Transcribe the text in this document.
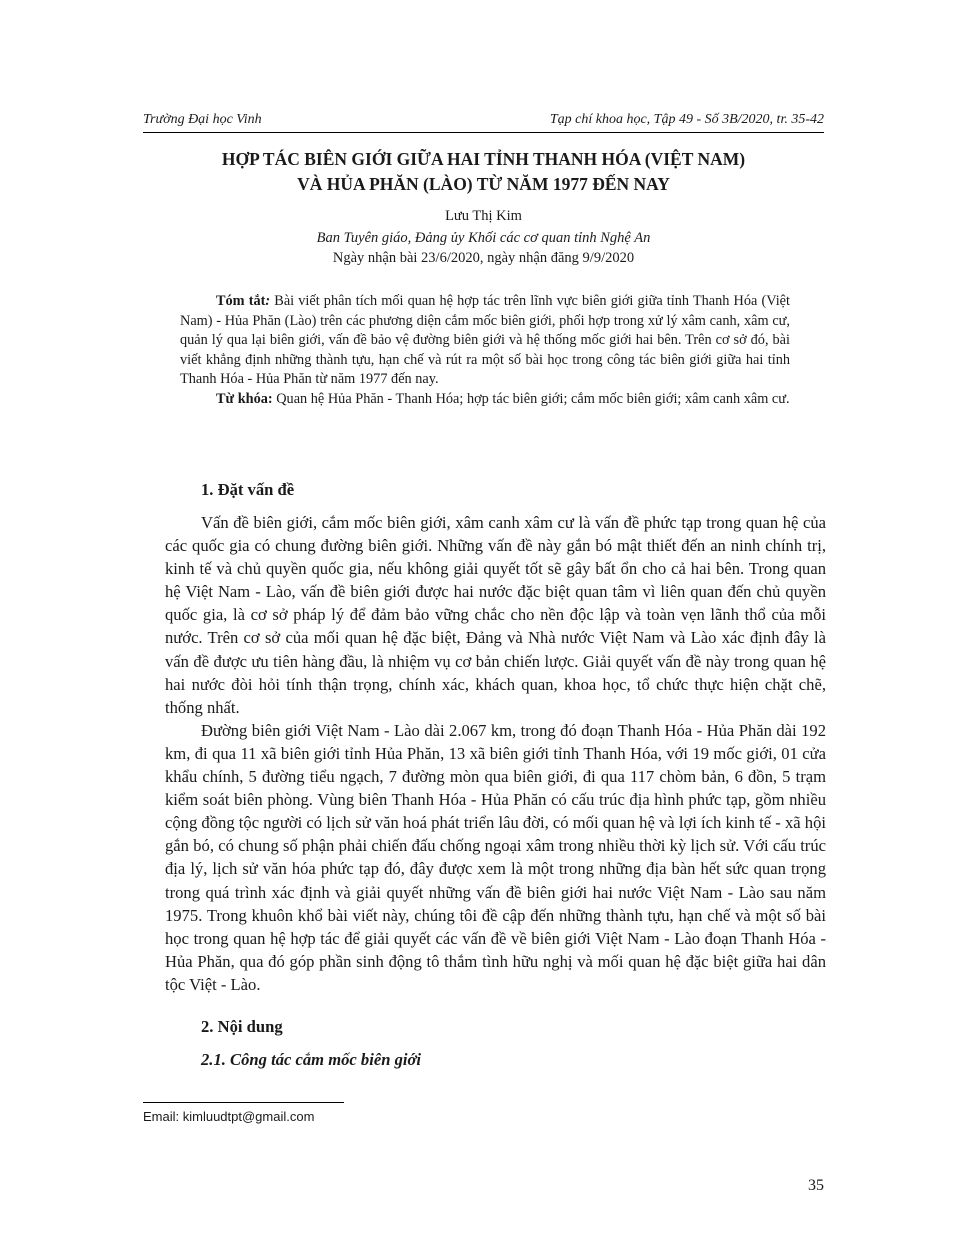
Trường Đại học Vinh	Tạp chí khoa học, Tập 49 - Số 3B/2020, tr. 35-42
HỢP TÁC BIÊN GIỚI GIỮA HAI TỈNH THANH HÓA (VIỆT NAM)
VÀ HỦA PHĂN (LÀO) TỪ NĂM 1977 ĐẾN NAY
Lưu Thị Kim
Ban Tuyên giáo, Đảng ủy Khối các cơ quan tỉnh Nghệ An
Ngày nhận bài 23/6/2020, ngày nhận đăng 9/9/2020

Tóm tắt: Bài viết phân tích mối quan hệ hợp tác trên lĩnh vực biên giới giữa tỉnh Thanh Hóa (Việt Nam) - Hủa Phăn (Lào) trên các phương diện cắm mốc biên giới, phối hợp trong xử lý xâm canh, xâm cư, quản lý qua lại biên giới, vấn đề bảo vệ đường biên giới và hệ thống mốc giới hai bên. Trên cơ sở đó, bài viết khẳng định những thành tựu, hạn chế và rút ra một số bài học trong công tác biên giới giữa hai tỉnh Thanh Hóa - Hủa Phăn từ năm 1977 đến nay.

Từ khóa: Quan hệ Hủa Phăn - Thanh Hóa; hợp tác biên giới; cắm mốc biên giới; xâm canh xâm cư.

1. Đặt vấn đề

Vấn đề biên giới, cắm mốc biên giới, xâm canh xâm cư là vấn đề phức tạp trong quan hệ của các quốc gia có chung đường biên giới. Những vấn đề này gắn bó mật thiết đến an ninh chính trị, kinh tế và chủ quyền quốc gia, nếu không giải quyết tốt sẽ gây bất ổn cho cả hai bên. Trong quan hệ Việt Nam - Lào, vấn đề biên giới được hai nước đặc biệt quan tâm vì liên quan đến chủ quyền quốc gia, là cơ sở pháp lý để đảm bảo vững chắc cho nền độc lập và toàn vẹn lãnh thổ của mỗi nước. Trên cơ sở của mối quan hệ đặc biệt, Đảng và Nhà nước Việt Nam và Lào xác định đây là vấn đề được ưu tiên hàng đầu, là nhiệm vụ cơ bản chiến lược. Giải quyết vấn đề này trong quan hệ hai nước đòi hỏi tính thận trọng, chính xác, khách quan, khoa học, tổ chức thực hiện chặt chẽ, thống nhất.

Đường biên giới Việt Nam - Lào dài 2.067 km, trong đó đoạn Thanh Hóa - Hủa Phăn dài 192 km, đi qua 11 xã biên giới tỉnh Hủa Phăn, 13 xã biên giới tỉnh Thanh Hóa, với 19 mốc giới, 01 cửa khẩu chính, 5 đường tiểu ngạch, 7 đường mòn qua biên giới, đi qua 117 chòm bản, 6 đồn, 5 trạm kiểm soát biên phòng. Vùng biên Thanh Hóa - Hủa Phăn có cấu trúc địa hình phức tạp, gồm nhiều cộng đồng tộc người có lịch sử văn hoá phát triển lâu đời, có mối quan hệ và lợi ích kinh tế - xã hội gắn bó, có chung số phận phải chiến đấu chống ngoại xâm trong nhiều thời kỳ lịch sử. Với cấu trúc địa lý, lịch sử văn hóa phức tạp đó, đây được xem là một trong những địa bàn hết sức quan trọng trong quá trình xác định và giải quyết những vấn đề biên giới hai nước Việt Nam - Lào sau năm 1975. Trong khuôn khổ bài viết này, chúng tôi đề cập đến những thành tựu, hạn chế và một số bài học trong quan hệ hợp tác để giải quyết các vấn đề về biên giới Việt Nam - Lào đoạn Thanh Hóa - Hủa Phăn, qua đó góp phần sinh động tô thắm tình hữu nghị và mối quan hệ đặc biệt giữa hai dân tộc Việt - Lào.

2. Nội dung
2.1. Công tác cắm mốc biên giới
Email: kimluudtpt@gmail.com
35
